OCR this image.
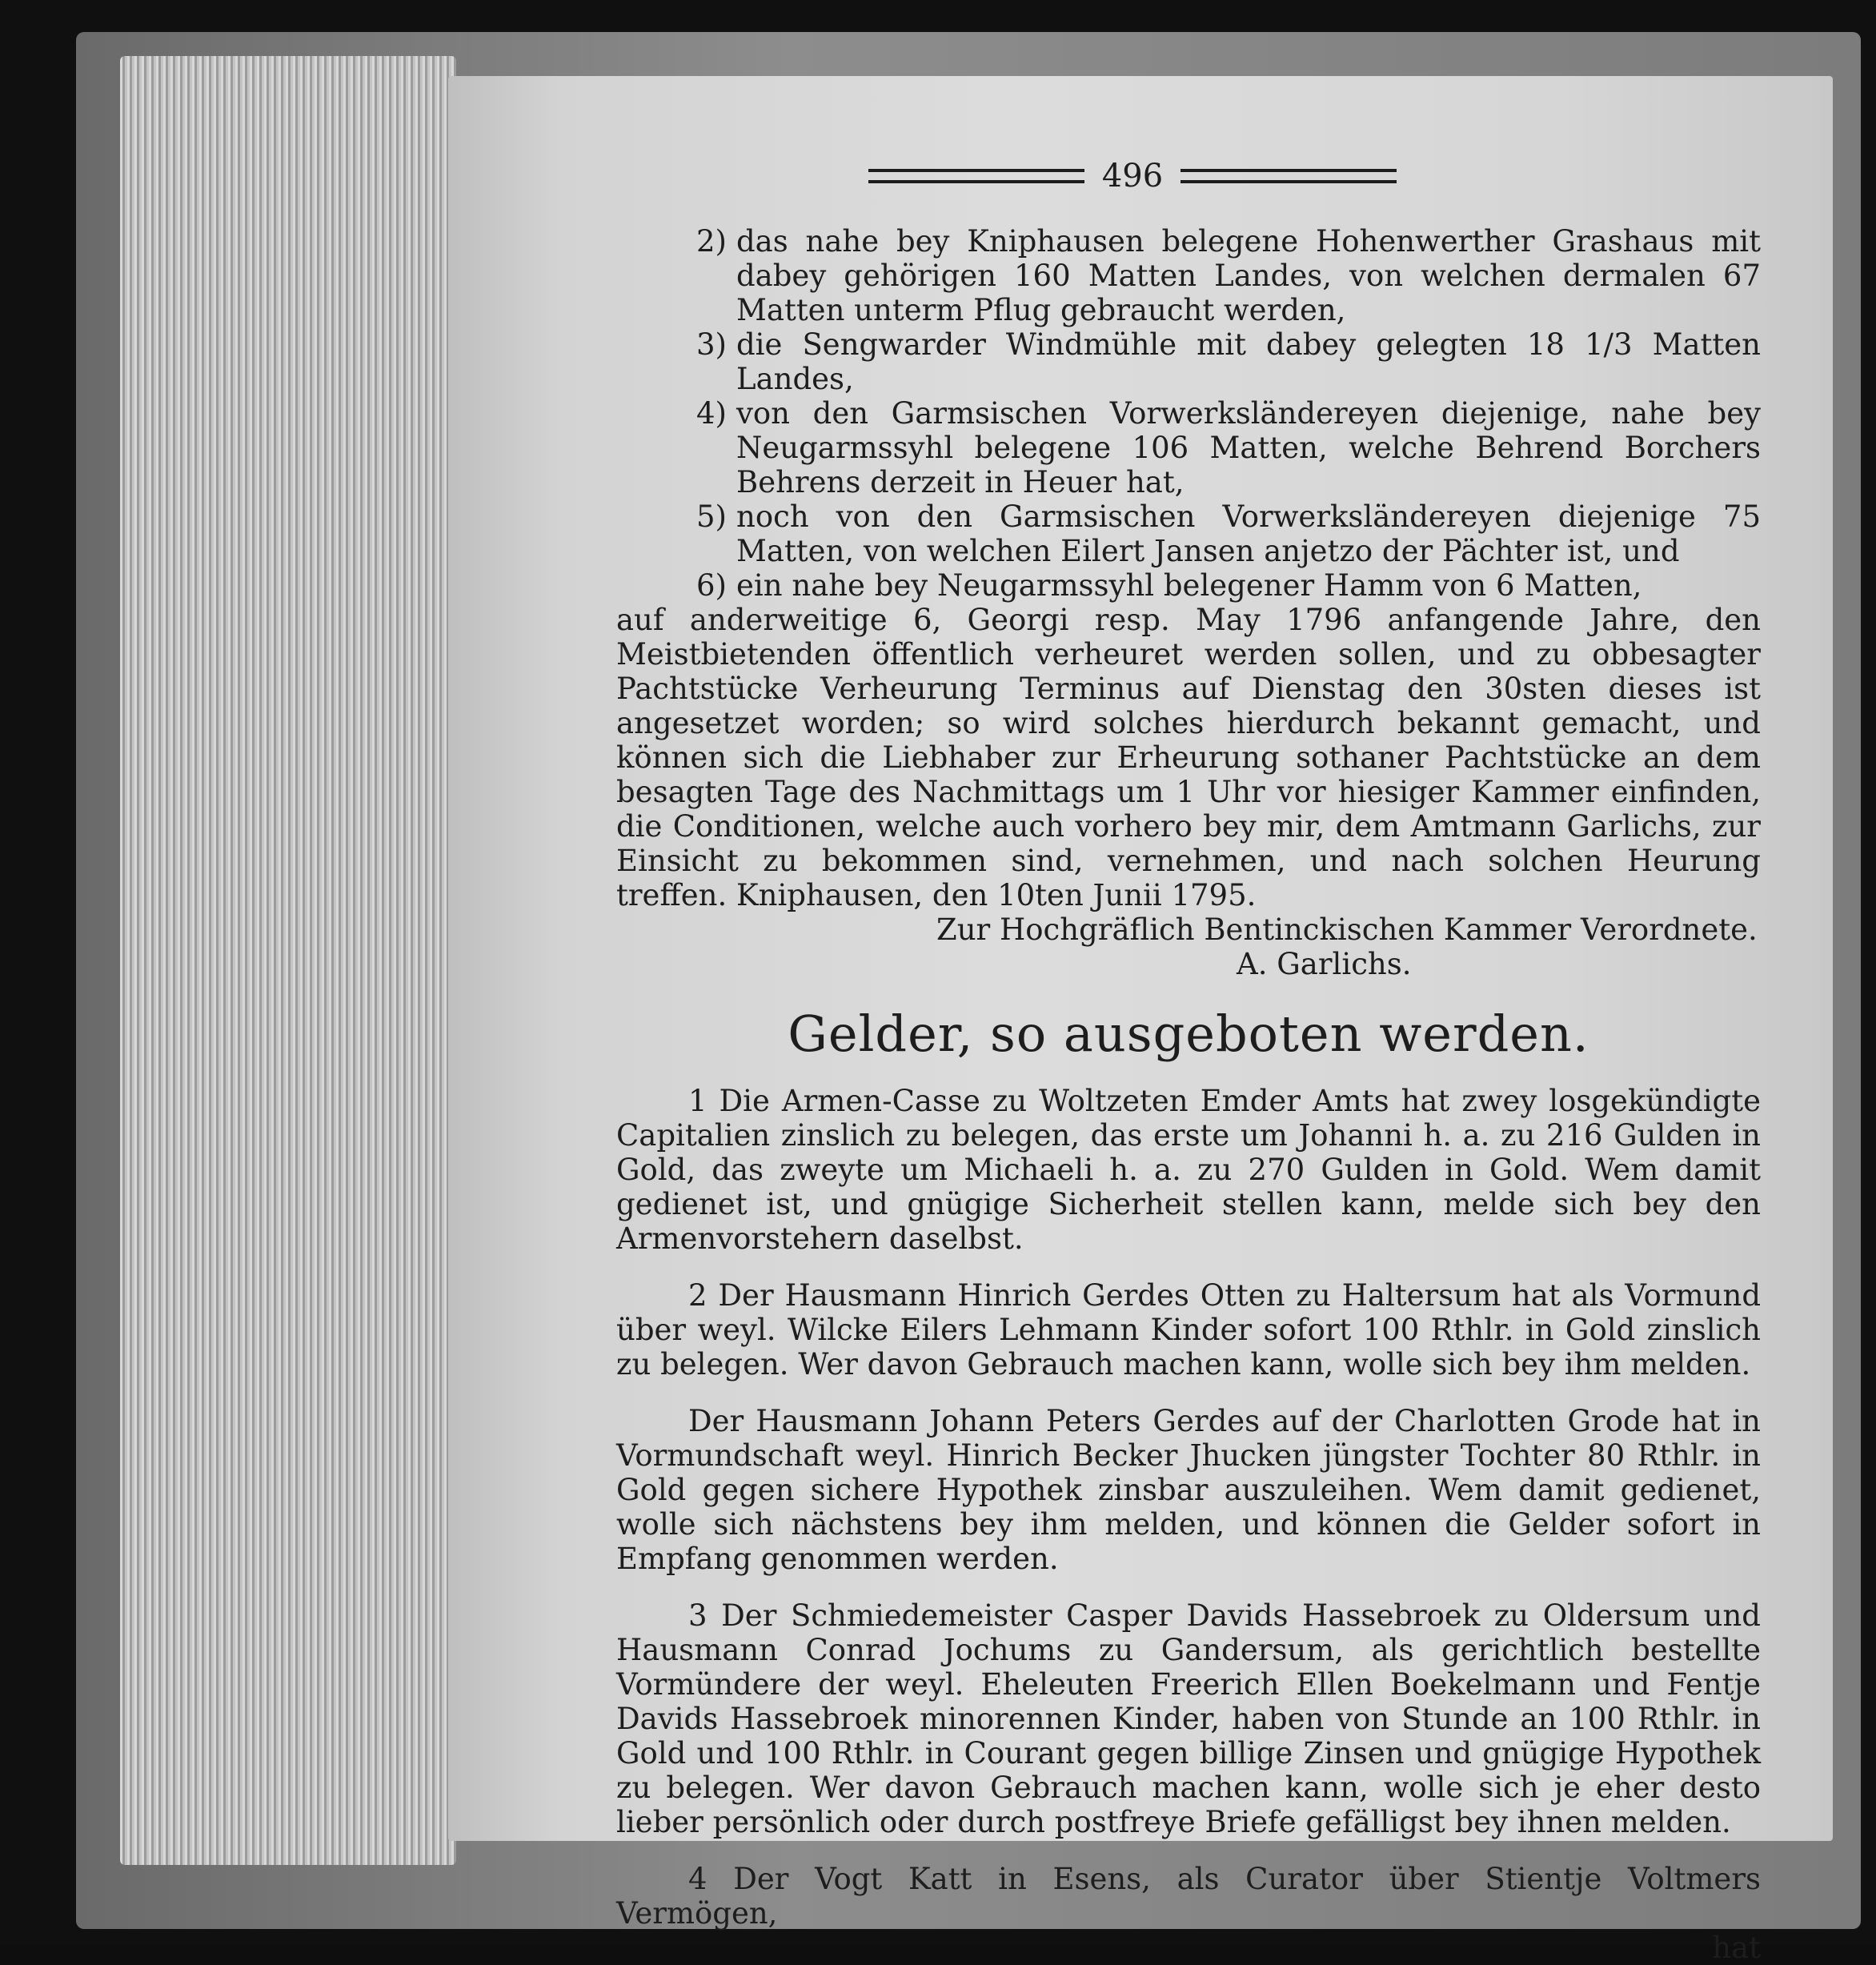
496
2) das nahe bey Kniphausen belegene Hohenwerther Grashaus mit dabey gehörigen 160 Matten Landes, von welchen dermalen 67 Matten unterm Pflug gebraucht werden,
3) die Sengwarder Windmühle mit dabey gelegten 18 1/3 Matten Landes,
4) von den Garmsischen Vorwerksländereyen diejenige, nahe bey Neugarmssyhl belegene 106 Matten, welche Behrend Borchers Behrens derzeit in Heuer hat,
5) noch von den Garmsischen Vorwerksländereyen diejenige 75 Matten, von welchen Eilert Jansen anjetzo der Pächter ist, und
6) ein nahe bey Neugarmssyhl belegener Hamm von 6 Matten,

auf anderweitige 6, Georgi resp. May 1796 anfangende Jahre, den Meistbietenden öffentlich verheuret werden sollen, und zu obbesagter Pachtstücke Verheurung Terminus auf Dienstag den 30sten dieses ist angesetzet worden; so wird solches hierdurch bekannt gemacht, und können sich die Liebhaber zur Erheurung sothaner Pachtstücke an dem besagten Tage des Nachmittags um 1 Uhr vor hiesiger Kammer einfinden, die Conditionen, welche auch vorhero bey mir, dem Amtmann Garlichs, zur Einsicht zu bekommen sind, vernehmen, und nach solchen Heurung treffen. Kniphausen, den 10ten Junii 1795.

Zur Hochgräflich Bentinckischen Kammer Verordnete.

A. Garlichs.

Gelder, so ausgeboten werden.

1 Die Armen-Casse zu Woltzeten Emder Amts hat zwey losgekündigte Capitalien zinslich zu belegen, das erste um Johanni h. a. zu 216 Gulden in Gold, das zweyte um Michaeli h. a. zu 270 Gulden in Gold. Wem damit gedienet ist, und gnügige Sicherheit stellen kann, melde sich bey den Armenvorstehern daselbst.

2 Der Hausmann Hinrich Gerdes Otten zu Haltersum hat als Vormund über weyl. Wilcke Eilers Lehmann Kinder sofort 100 Rthlr. in Gold zinslich zu belegen. Wer davon Gebrauch machen kann, wolle sich bey ihm melden.

Der Hausmann Johann Peters Gerdes auf der Charlotten Grode hat in Vormundschaft weyl. Hinrich Becker Jhucken jüngster Tochter 80 Rthlr. in Gold gegen sichere Hypothek zinsbar auszuleihen. Wem damit gedienet, wolle sich nächstens bey ihm melden, und können die Gelder sofort in Empfang genommen werden.

3 Der Schmiedemeister Casper Davids Hassebroek zu Oldersum und Hausmann Conrad Jochums zu Gandersum, als gerichtlich bestellte Vormündere der weyl. Eheleuten Freerich Ellen Boekelmann und Fentje Davids Hassebroek minorennen Kinder, haben von Stunde an 100 Rthlr. in Gold und 100 Rthlr. in Courant gegen billige Zinsen und gnügige Hypothek zu belegen. Wer davon Gebrauch machen kann, wolle sich je eher desto lieber persönlich oder durch postfreye Briefe gefälligst bey ihnen melden.

4 Der Vogt Katt in Esens, als Curator über Stientje Voltmers Vermögen,

hat
